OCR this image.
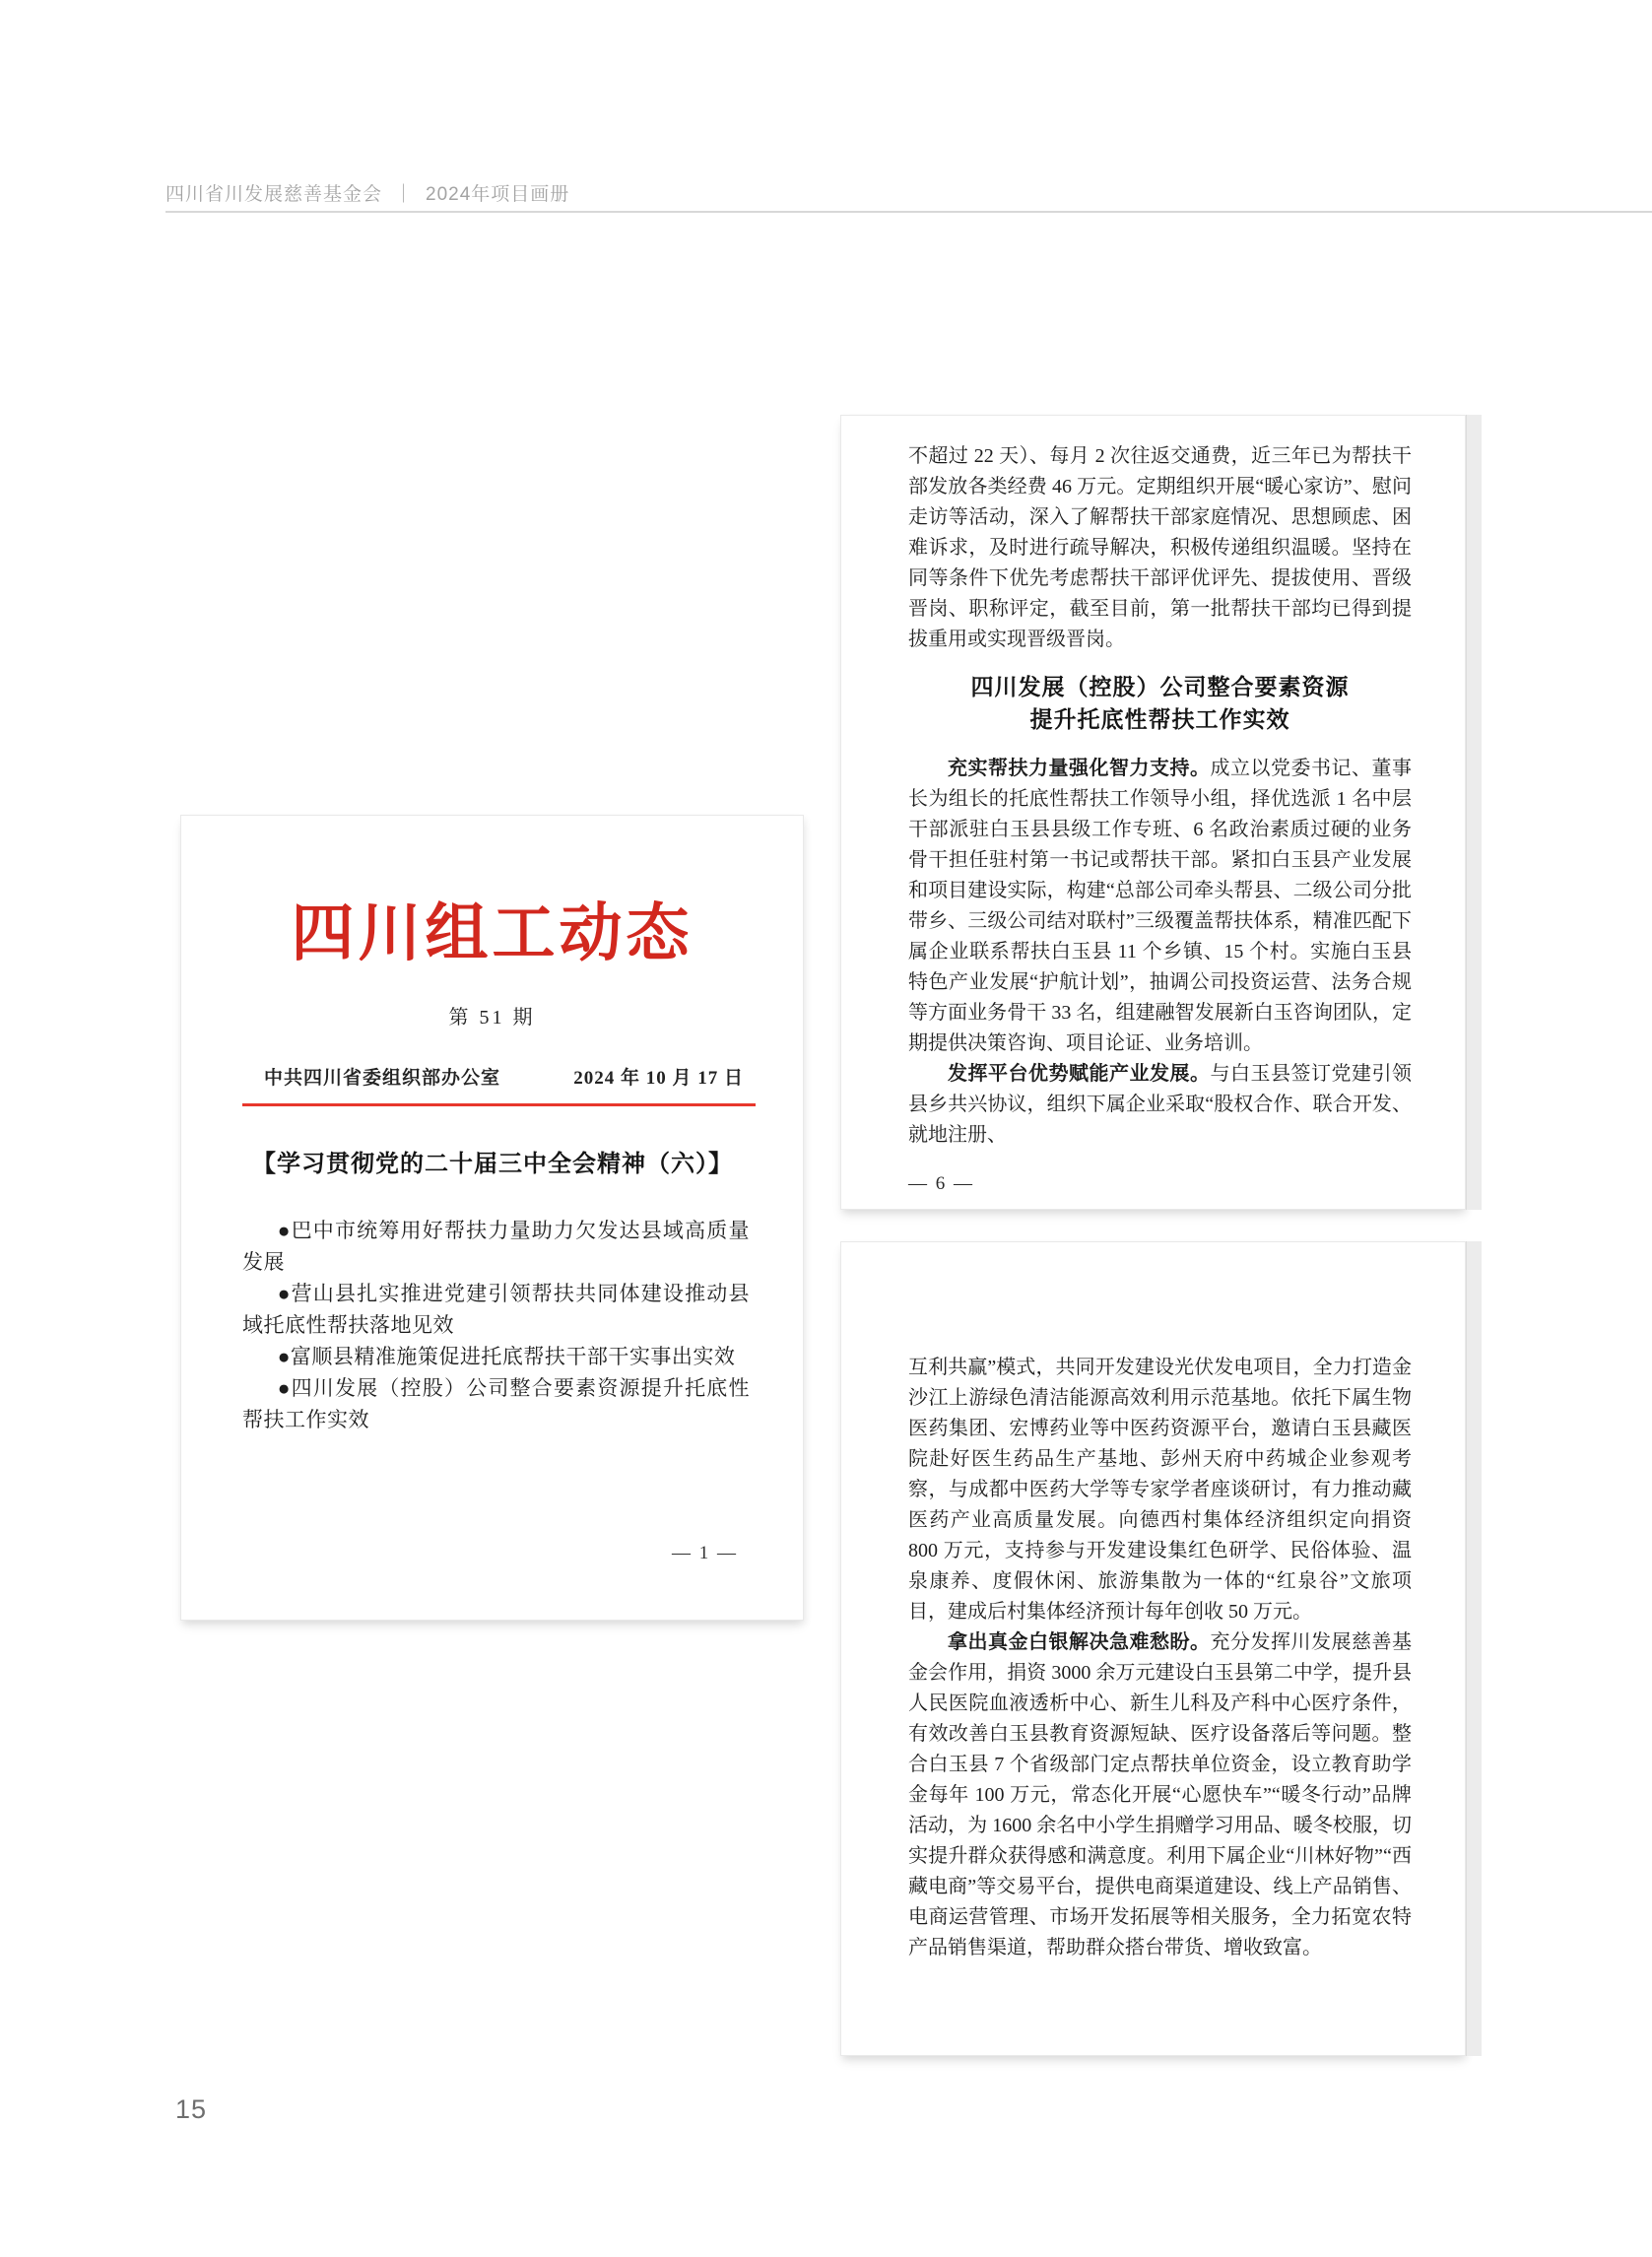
四川省川发展慈善基金会 ｜ 2024年项目画册
四川组工动态
第 51 期
中共四川省委组织部办公室	2024 年 10 月 17 日
【学习贯彻党的二十届三中全会精神（六）】

●巴中市统筹用好帮扶力量助力欠发达县域高质量发展

●营山县扎实推进党建引领帮扶共同体建设推动县域托底性帮扶落地见效

●富顺县精准施策促进托底帮扶干部干实事出实效

●四川发展（控股）公司整合要素资源提升托底性帮扶工作实效

— 1 —

不超过 22 天）、每月 2 次往返交通费，近三年已为帮扶干部发放各类经费 46 万元。定期组织开展“暖心家访”、慰问走访等活动，深入了解帮扶干部家庭情况、思想顾虑、困难诉求，及时进行疏导解决，积极传递组织温暖。坚持在同等条件下优先考虑帮扶干部评优评先、提拔使用、晋级晋岗、职称评定，截至目前，第一批帮扶干部均已得到提拔重用或实现晋级晋岗。

四川发展（控股）公司整合要素资源
提升托底性帮扶工作实效

充实帮扶力量强化智力支持。成立以党委书记、董事长为组长的托底性帮扶工作领导小组，择优选派 1 名中层干部派驻白玉县县级工作专班、6 名政治素质过硬的业务骨干担任驻村第一书记或帮扶干部。紧扣白玉县产业发展和项目建设实际，构建“总部公司牵头帮县、二级公司分批带乡、三级公司结对联村”三级覆盖帮扶体系，精准匹配下属企业联系帮扶白玉县 11 个乡镇、15 个村。实施白玉县特色产业发展“护航计划”，抽调公司投资运营、法务合规等方面业务骨干 33 名，组建融智发展新白玉咨询团队，定期提供决策咨询、项目论证、业务培训。

发挥平台优势赋能产业发展。与白玉县签订党建引领县乡共兴协议，组织下属企业采取“股权合作、联合开发、就地注册、

— 6 —

互利共赢”模式，共同开发建设光伏发电项目，全力打造金沙江上游绿色清洁能源高效利用示范基地。依托下属生物医药集团、宏博药业等中医药资源平台，邀请白玉县藏医院赴好医生药品生产基地、彭州天府中药城企业参观考察，与成都中医药大学等专家学者座谈研讨，有力推动藏医药产业高质量发展。向德西村集体经济组织定向捐资 800 万元，支持参与开发建设集红色研学、民俗体验、温泉康养、度假休闲、旅游集散为一体的“红泉谷”文旅项目，建成后村集体经济预计每年创收 50 万元。

拿出真金白银解决急难愁盼。充分发挥川发展慈善基金会作用，捐资 3000 余万元建设白玉县第二中学，提升县人民医院血液透析中心、新生儿科及产科中心医疗条件，有效改善白玉县教育资源短缺、医疗设备落后等问题。整合白玉县 7 个省级部门定点帮扶单位资金，设立教育助学金每年 100 万元，常态化开展“心愿快车”“暖冬行动”品牌活动，为 1600 余名中小学生捐赠学习用品、暖冬校服，切实提升群众获得感和满意度。利用下属企业“川林好物”“西藏电商”等交易平台，提供电商渠道建设、线上产品销售、电商运营管理、市场开发拓展等相关服务，全力拓宽农特产品销售渠道，帮助群众搭台带货、增收致富。

15
